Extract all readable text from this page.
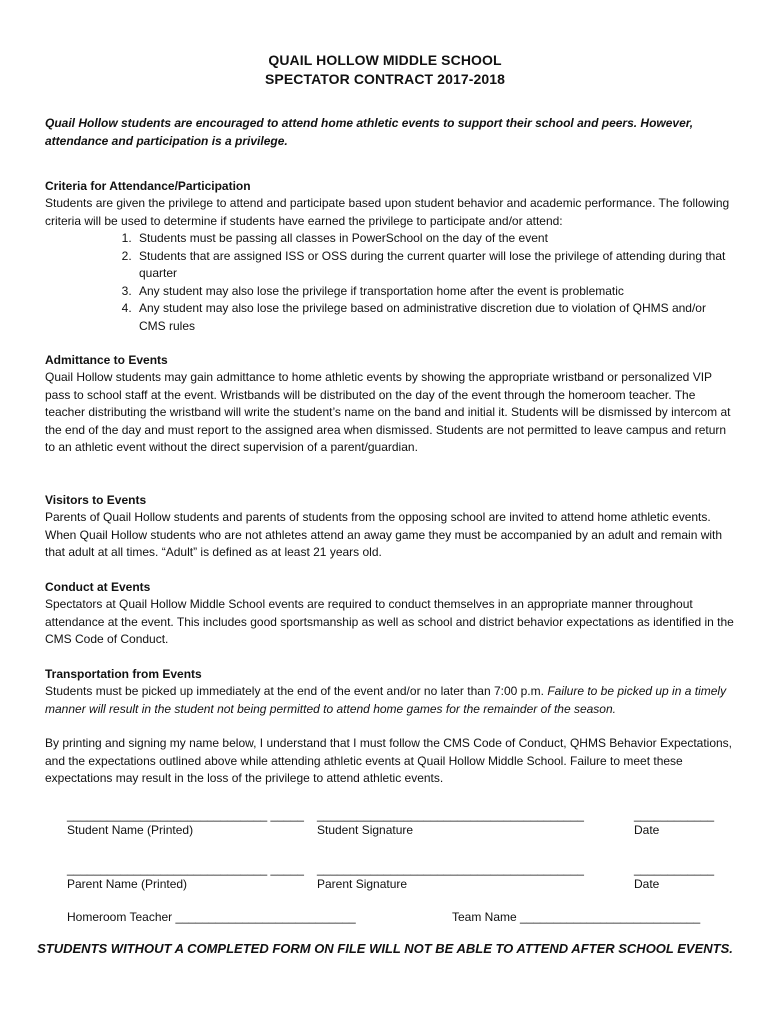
QUAIL HOLLOW MIDDLE SCHOOL
SPECTATOR CONTRACT 2017-2018
Quail Hollow students are encouraged to attend home athletic events to support their school and peers. However, attendance and participation is a privilege.
Criteria for Attendance/Participation

Students are given the privilege to attend and participate based upon student behavior and academic performance. The following criteria will be used to determine if students have earned the privilege to participate and/or attend:

1. Students must be passing all classes in PowerSchool on the day of the event
2. Students that are assigned ISS or OSS during the current quarter will lose the privilege of attending during that quarter
3. Any student may also lose the privilege if transportation home after the event is problematic
4. Any student may also lose the privilege based on administrative discretion due to violation of QHMS and/or CMS rules
Admittance to Events

Quail Hollow students may gain admittance to home athletic events by showing the appropriate wristband or personalized VIP pass to school staff at the event. Wristbands will be distributed on the day of the event through the homeroom teacher. The teacher distributing the wristband will write the student’s name on the band and initial it. Students will be dismissed by intercom at the end of the day and must report to the assigned area when dismissed. Students are not permitted to leave campus and return to an athletic event without the direct supervision of a parent/guardian.

Visitors to Events

Parents of Quail Hollow students and parents of students from the opposing school are invited to attend home athletic events. When Quail Hollow students who are not athletes attend an away game they must be accompanied by an adult and remain with that adult at all times. “Adult” is defined as at least 21 years old.

Conduct at Events

Spectators at Quail Hollow Middle School events are required to conduct themselves in an appropriate manner throughout attendance at the event. This includes good sportsmanship as well as school and district behavior expectations as identified in the CMS Code of Conduct.

Transportation from Events

Students must be picked up immediately at the end of the event and/or no later than 7:00 p.m. Failure to be picked up in a timely manner will result in the student not being permitted to attend home games for the remainder of the season.

By printing and signing my name below, I understand that I must follow the CMS Code of Conduct, QHMS Behavior Expectations, and the expectations outlined above while attending athletic events at Quail Hollow Middle School. Failure to meet these expectations may result in the loss of the privilege to attend athletic events.

______________________________ _____ ________________________________________	____________
Student Name (Printed)	Student Signature	Date
______________________________ _____ ________________________________________	____________
Parent Name (Printed)	Parent Signature	Date
Homeroom Teacher ___________________________	Team Name ___________________________
STUDENTS WITHOUT A COMPLETED FORM ON FILE WILL NOT BE ABLE TO ATTEND AFTER SCHOOL EVENTS.
